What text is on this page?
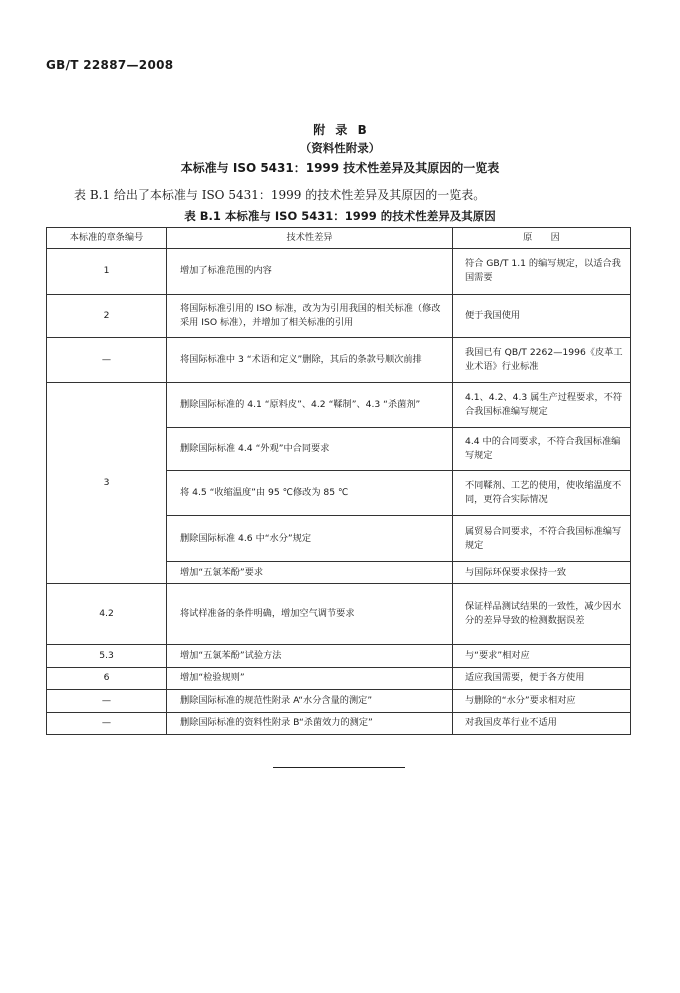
GB/T 22887—2008
附 录 B
（资料性附录）
本标准与 ISO 5431：1999 技术性差异及其原因的一览表
表 B.1 给出了本标准与 ISO 5431：1999 的技术性差异及其原因的一览表。
表 B.1 本标准与 ISO 5431：1999 的技术性差异及其原因
本标准的章条编号	技术性差异	原　　因
1	增加了标准范围的内容	符合 GB/T 1.1 的编写规定，以适合我国需要
2	将国际标准引用的 ISO 标准，改为为引用我国的相关标准（修改采用 ISO 标准），并增加了相关标准的引用	便于我国使用
—	将国际标准中 3 “术语和定义”删除，其后的条款号顺次前排	我国已有 QB/T 2262—1996《皮革工业术语》行业标准
3	删除国际标准的 4.1 “原料皮”、4.2 “鞣制”、4.3 “杀菌剂”	4.1、4.2、4.3 属生产过程要求，不符合我国标准编写规定
	删除国际标准 4.4 “外观”中合同要求	4.4 中的合同要求，不符合我国标准编写规定
	将 4.5 “收缩温度”由 95 ℃修改为 85 ℃	不同鞣剂、工艺的使用，使收缩温度不同，更符合实际情况
	删除国际标准 4.6 中“水分”规定	属贸易合同要求，不符合我国标准编写规定
	增加“五氯苯酚”要求	与国际环保要求保持一致
4.2	将试样准备的条件明确，增加空气调节要求	保证样品测试结果的一致性，减少因水分的差异导致的检测数据误差
5.3	增加“五氯苯酚”试验方法	与“要求”相对应
6	增加“检验规则”	适应我国需要，便于各方使用
—	删除国际标准的规范性附录 A“水分含量的测定”	与删除的“水分”要求相对应
—	删除国际标准的资料性附录 B“杀菌效力的测定”	对我国皮革行业不适用
